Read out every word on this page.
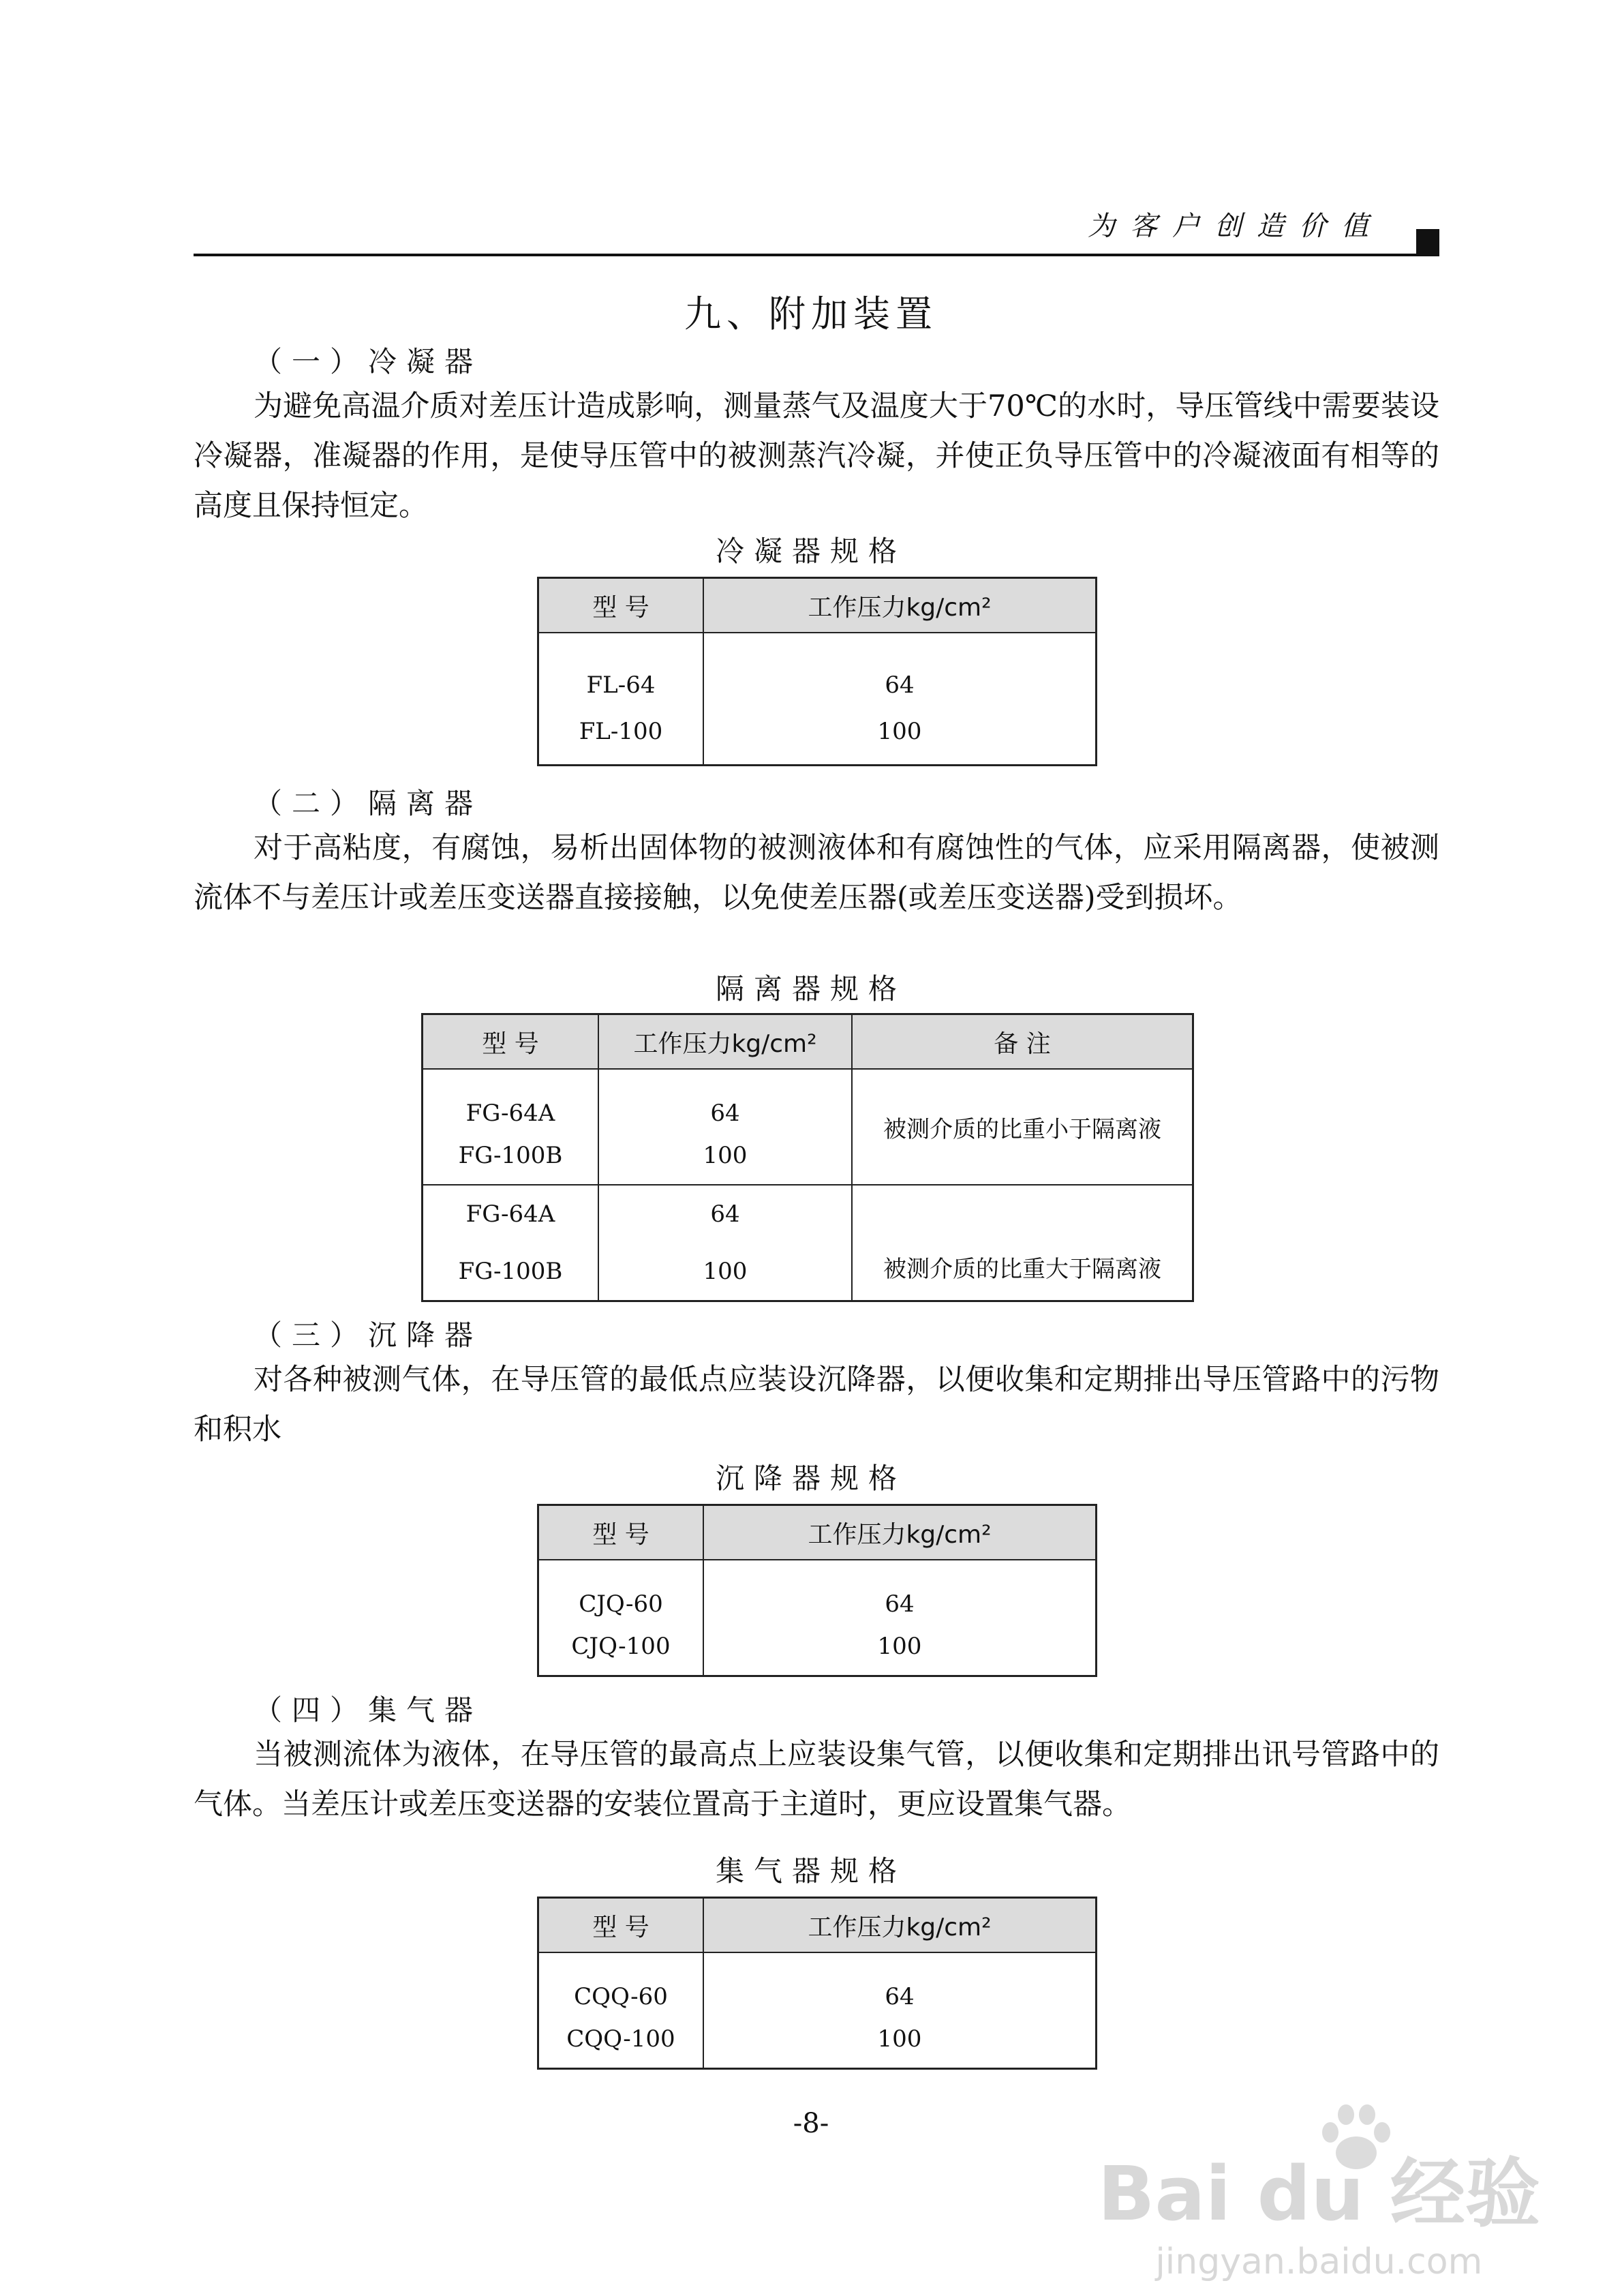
为客户创造价值
九、附加装置
（一）冷凝器
为避免高温介质对差压计造成影响，测量蒸气及温度大于70℃的水时，导压管线中需要装设冷凝器，准凝器的作用，是使导压管中的被测蒸汽冷凝，并使正负导压管中的冷凝液面有相等的高度且保持恒定。
冷凝器规格
型 号	工作压力kg/cm²
FL-64	64
FL-100	100
（二）隔离器
对于高粘度，有腐蚀，易析出固体物的被测液体和有腐蚀性的气体，应采用隔离器，使被测流体不与差压计或差压变送器直接接触，以免使差压器(或差压变送器)受到损坏。
隔离器规格
型 号	工作压力kg/cm²	备 注
FG-64A	64	被测介质的比重小于隔离液
FG-100B	100	
FG-64A	64	被测介质的比重大于隔离液
FG-100B	100	
（三）沉降器
对各种被测气体，在导压管的最低点应装设沉降器，以便收集和定期排出导压管路中的污物和积水
沉降器规格
型 号	工作压力kg/cm²
CJQ-60	64
CJQ-100	100
（四）集气器
当被测流体为液体，在导压管的最高点上应装设集气管，以便收集和定期排出讯号管路中的气体。当差压计或差压变送器的安装位置高于主道时，更应设置集气器。
集气器规格
型 号	工作压力kg/cm²
CQQ-60	64
CQQ-100	100
-8-
Bai du 经验
jingyan.baidu.com
